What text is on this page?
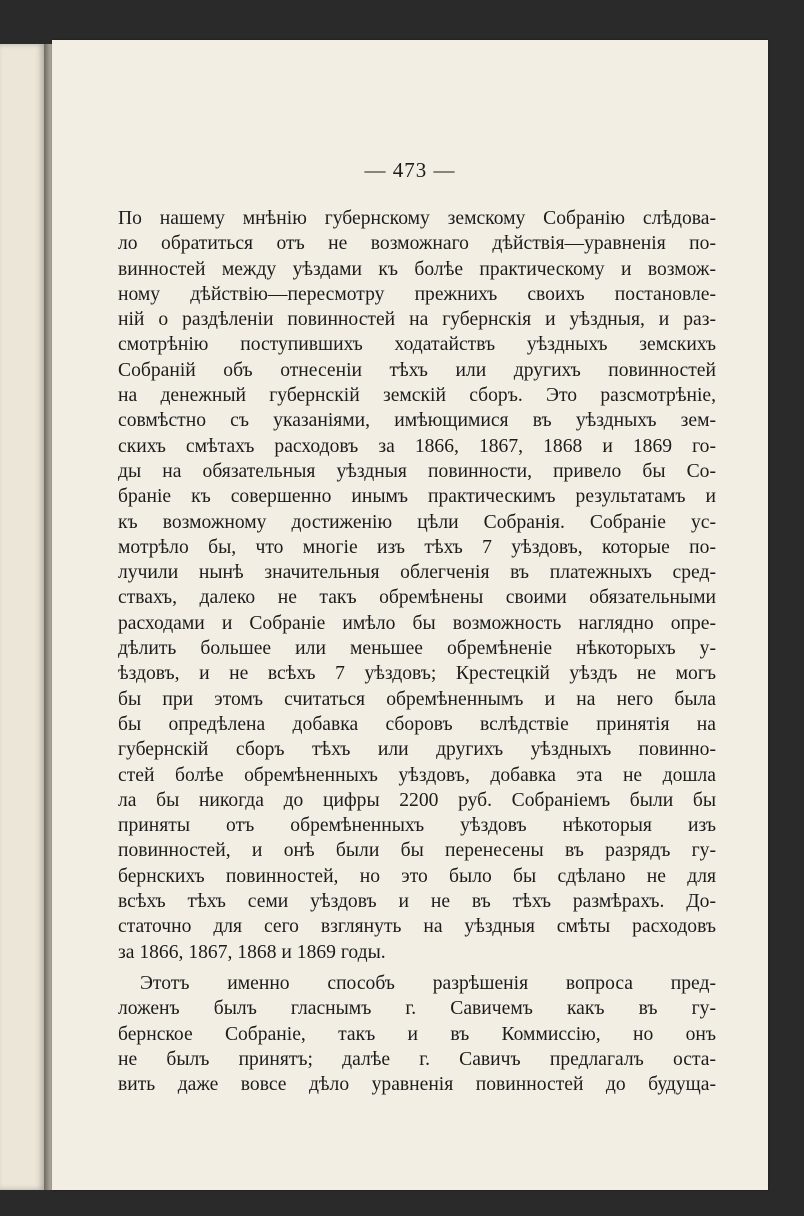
— 473 —
По нашему мнѣнію губернскому земскому Собранію слѣдова-
ло обратиться отъ не возможнаго дѣйствія—уравненія по-
винностей между уѣздами къ болѣе практическому и возмож-
ному дѣйствію—пересмотру прежнихъ своихъ постановле-
ній о раздѣленіи повинностей на губернскія и уѣздныя, и раз-
смотрѣнію поступившихъ ходатайствъ уѣздныхъ земскихъ
Собраній объ отнесеніи тѣхъ или другихъ повинностей
на денежный губернскій земскій сборъ. Это разсмотрѣніе,
совмѣстно съ указаніями, имѣющимися въ уѣздныхъ зем-
скихъ смѣтахъ расходовъ за 1866, 1867, 1868 и 1869 го-
ды на обязательныя уѣздныя повинности, привело бы Со-
браніе къ совершенно инымъ практическимъ результатамъ и
къ возможному достиженію цѣли Собранія. Собраніе ус-
мотрѣло бы, что многіе изъ тѣхъ 7 уѣздовъ, которые по-
лучили нынѣ значительныя облегченія въ платежныхъ сред-
ствахъ, далеко не такъ обремѣнены своими обязательными
расходами и Собраніе имѣло бы возможность наглядно опре-
дѣлить большее или меньшее обремѣненіе нѣкоторыхъ у-
ѣздовъ, и не всѣхъ 7 уѣздовъ; Крестецкій уѣздъ не могъ
бы при этомъ считаться обремѣненнымъ и на него была
бы опредѣлена добавка сборовъ вслѣдствіе принятія на
губернскій сборъ тѣхъ или другихъ уѣздныхъ повинно-
стей болѣе обремѣненныхъ уѣздовъ, добавка эта не дошла
ла бы никогда до цифры 2200 руб. Собраніемъ были бы
приняты отъ обремѣненныхъ уѣздовъ нѣкоторыя изъ
повинностей, и онѣ были бы перенесены въ разрядъ гу-
бернскихъ повинностей, но это было бы сдѣлано не для
всѣхъ тѣхъ семи уѣздовъ и не въ тѣхъ размѣрахъ. До-
статочно для сего взглянуть на уѣздныя смѣты расходовъ
за 1866, 1867, 1868 и 1869 годы.
Этотъ именно способъ разрѣшенія вопроса пред-
ложенъ былъ гласнымъ г. Савичемъ какъ въ гу-
бернское Собраніе, такъ и въ Коммиссію, но онъ
не былъ принятъ; далѣе г. Савичъ предлагалъ оста-
вить даже вовсе дѣло уравненія повинностей до будуща-
